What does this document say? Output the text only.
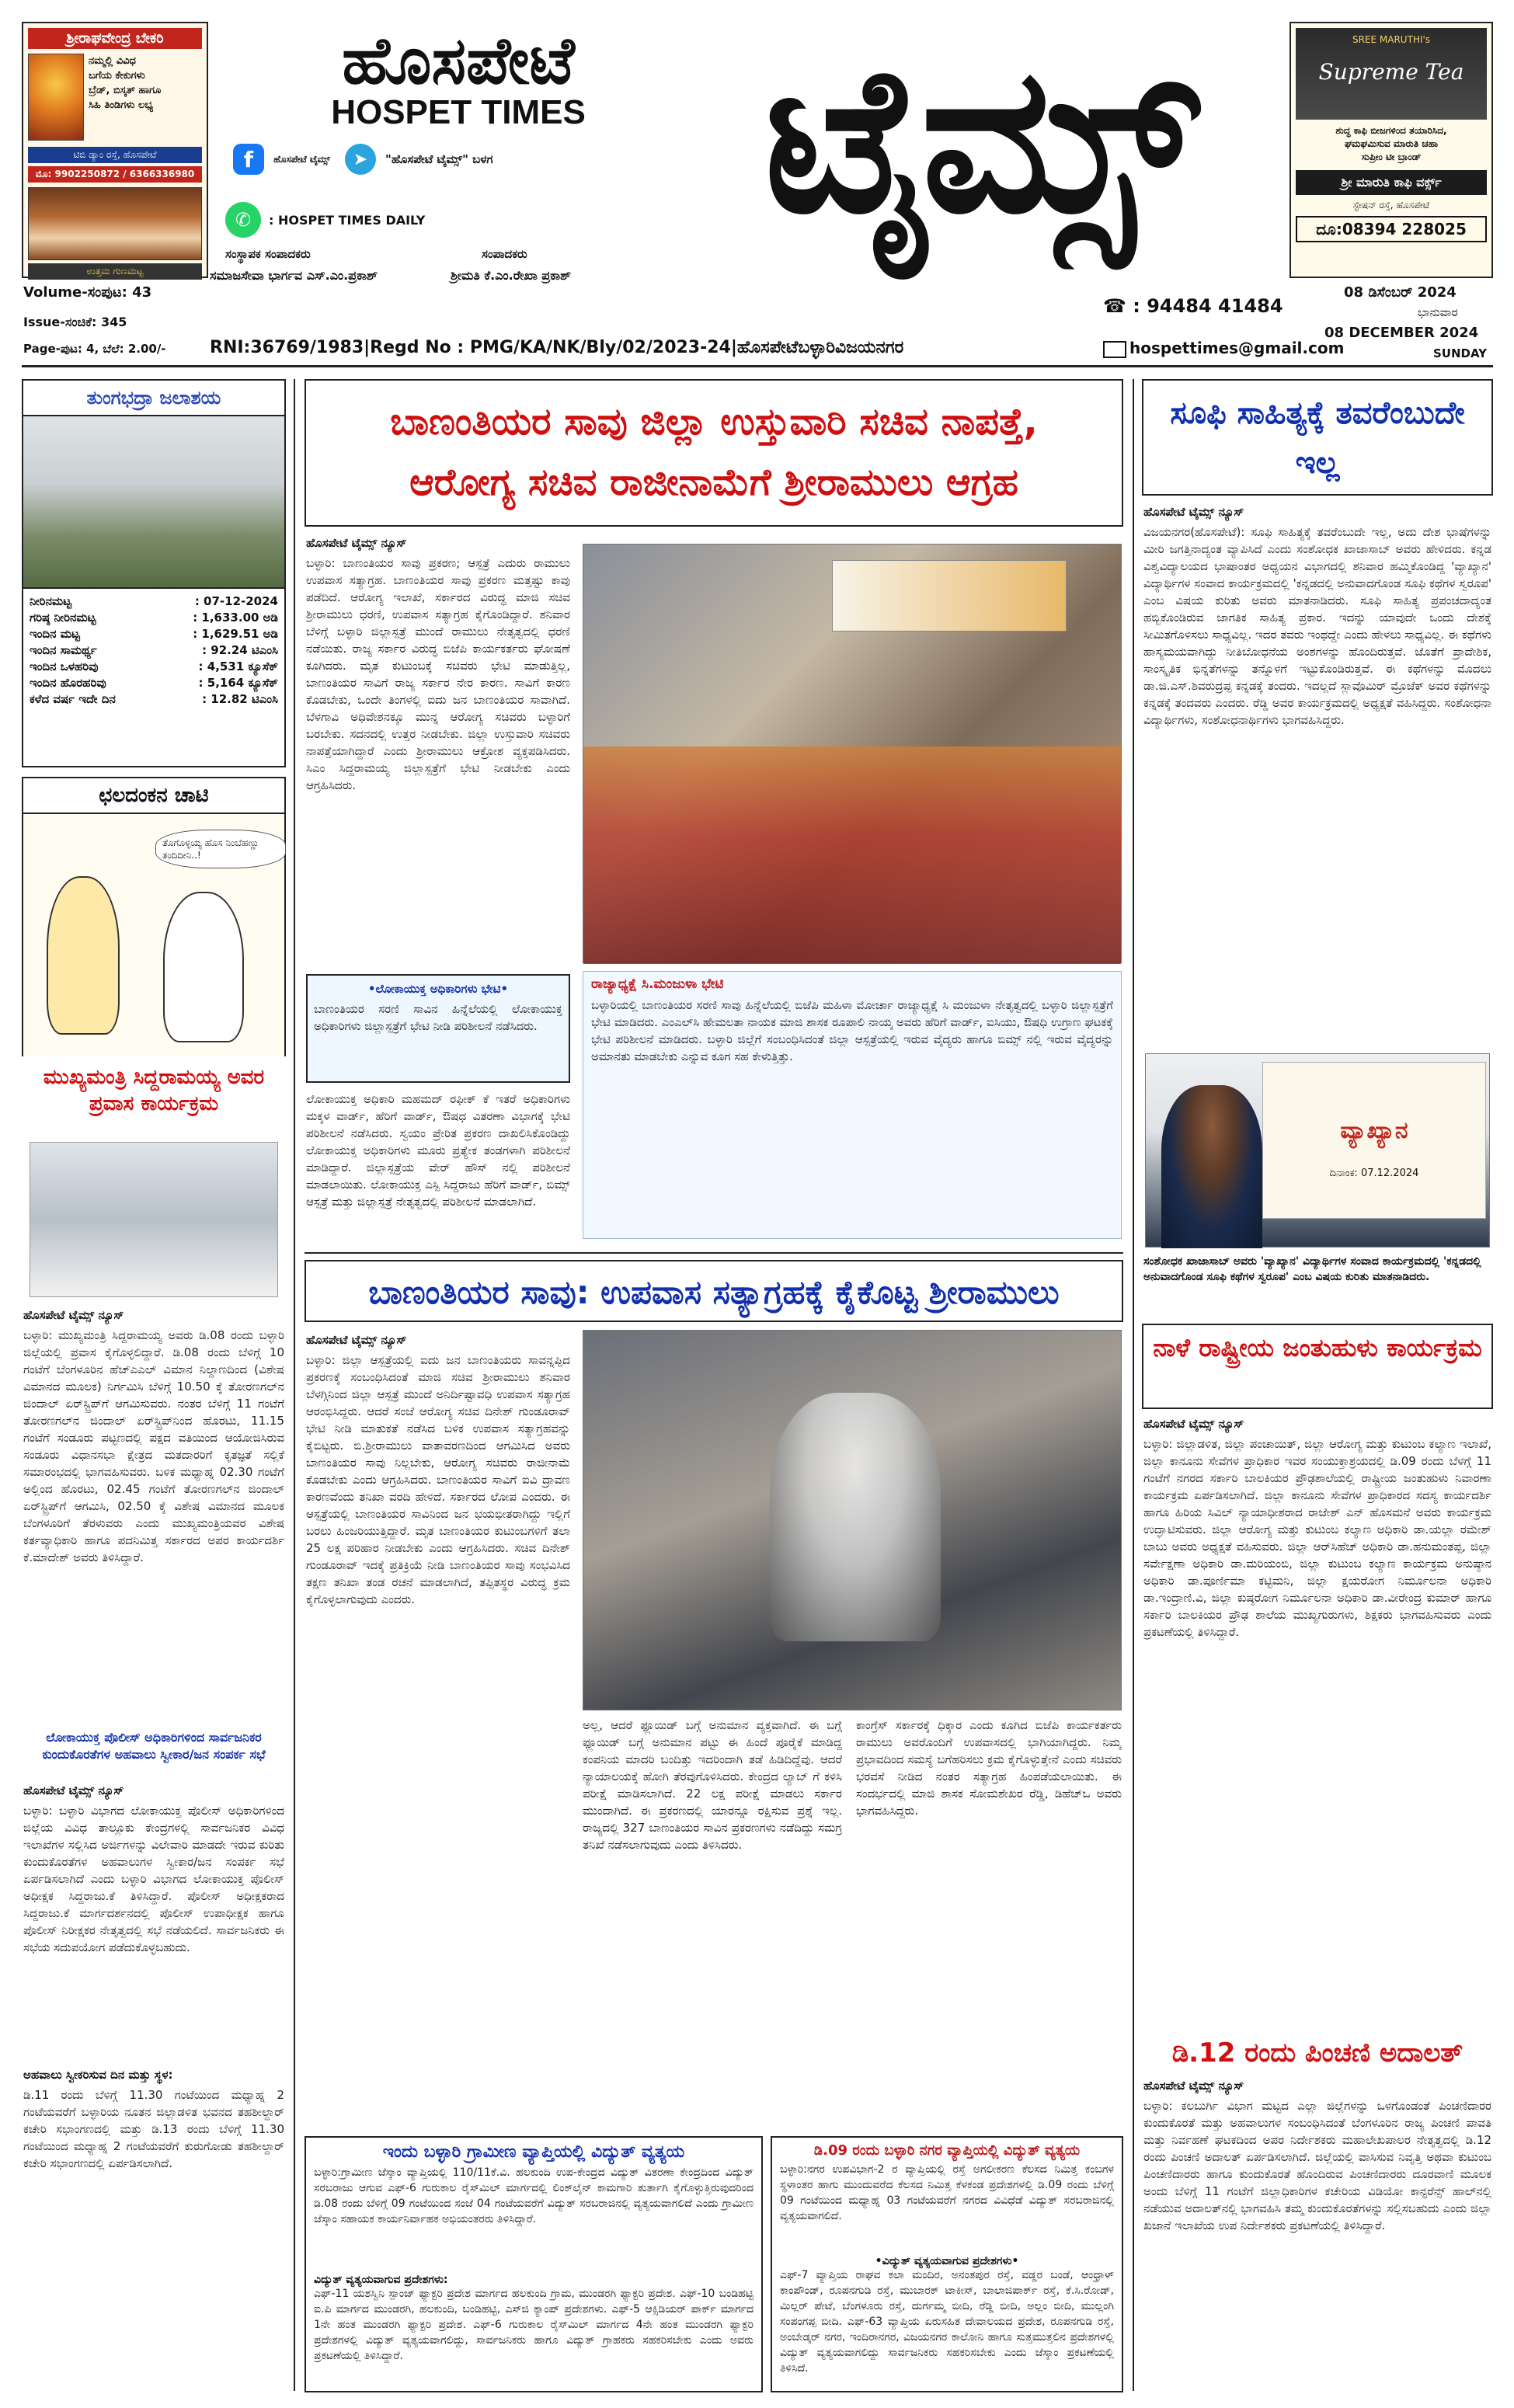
ಶ್ರೀರಾಘವೇಂದ್ರ ಬೇಕರಿ
ನಮ್ಮಲ್ಲಿ ವಿವಿಧ
ಬಗೆಯ ಕೇಕುಗಳು
ಬ್ರೆಡ್, ಬಿಸ್ಕತ್ ಹಾಗೂ
ಸಿಹಿ ತಿಂಡಿಗಳು ಲಭ್ಯ
ಟಿಬಿ ಡ್ಯಾಂ ರಸ್ತೆ, ಹೊಸಪೇಟೆ
ಮೊ: 9902250872 / 6366336980
ಉತ್ತಮ ಗುಣಮಟ್ಟ
ಹೊಸಪೇಟೆ
HOSPET TIMES
f	ಹೊಸಪೇಟೆ ಟೈಮ್ಸ್	➤	"ಹೊಸಪೇಟೆ ಟೈಮ್ಸ್" ಬಳಗ
✆	: HOSPET TIMES DAILY	ಟೈಮ್ಸ್	SREE MARUTHI's
Supreme Tea
ಶುದ್ಧ ಕಾಫಿ ಬೀಜಗಳಿಂದ ತಯಾರಿಸಿದ,
ಘಮಘಮಿಸುವ ಮಾರುತಿ ಚಹಾ
ಸುಪ್ರೀಂ ಟೀ ಬ್ರಾಂಡ್
ಶ್ರೀ ಮಾರುತಿ ಕಾಫಿ ವರ್ಕ್ಸ್
ಸ್ಟೇಷನ್ ರಸ್ತೆ, ಹೊಸಪೇಟೆ
ದೂ:08394 228025
ಸಂಸ್ಥಾಪಕ ಸಂಪಾದಕರು	ಸಂಪಾದಕರು
ಸಮಾಜಸೇವಾ ಭಾರ್ಗವ ಎಸ್.ಎಂ.ಪ್ರಕಾಶ್	ಶ್ರೀಮತಿ ಕೆ.ಎಂ.ರೇಖಾ ಪ್ರಕಾಶ್
Volume-ಸಂಪುಟ: 43
Issue-ಸಂಚಿಕೆ: 345
Page-ಪುಟ: 4, ಬೆಲೆ: 2.00/-
☎ : 94484 41484
08 ಡಿಸೆಂಬರ್ 2024
ಭಾನುವಾರ
08 DECEMBER 2024
SUNDAY
RNI:36769/1983|Regd No : PMG/KA/NK/Bly/02/2023-24|ಹೊಸಪೇಟೆಬಳ್ಳಾರಿವಿಜಯನಗರ	hospettimes@gmail.com
ತುಂಗಭದ್ರಾ ಜಲಾಶಯ
ನೀರಿನಮಟ್ಟ	: 07-12-2024
ಗರಿಷ್ಠ ನೀರಿನಮಟ್ಟ	: 1,633.00 ಅಡಿ
ಇಂದಿನ ಮಟ್ಟ	: 1,629.51 ಅಡಿ
ಇಂದಿನ ಸಾಮರ್ಥ್ಯ	: 92.24 ಟಿಎಂಸಿ
ಇಂದಿನ ಒಳಹರಿವು	: 4,531 ಕ್ಯೂಸೆಕ್
ಇಂದಿನ ಹೊರಹರಿವು	: 5,164 ಕ್ಯೂಸೆಕ್
ಕಳೆದ ವರ್ಷ ಇದೇ ದಿನ	: 12.82 ಟಿಎಂಸಿ
ಛಲದಂಕನ ಚಾಟಿ
ತೊಗೊಳ್ಳಯ್ಯ ಹೊಸ ನಿಂಬೆಹಣ್ಣು ತಂದಿದೀನಿ..!
ಮುಖ್ಯಮಂತ್ರಿ ಸಿದ್ದರಾಮಯ್ಯ ಅವರ ಪ್ರವಾಸ ಕಾರ್ಯಕ್ರಮ
ಹೊಸಪೇಟೆ ಟೈಮ್ಸ್ ನ್ಯೂಸ್
ಬಳ್ಳಾರಿ: ಮುಖ್ಯಮಂತ್ರಿ ಸಿದ್ದರಾಮಯ್ಯ ಅವರು ಡಿ.08 ರಂದು ಬಳ್ಳಾರಿ ಜಿಲ್ಲೆಯಲ್ಲಿ ಪ್ರವಾಸ ಕೈಗೊಳ್ಳಲಿದ್ದಾರೆ. ಡಿ.08 ರಂದು ಬೆಳಿಗ್ಗೆ 10 ಗಂಟೆಗೆ ಬೆಂಗಳೂರಿನ ಹೆಚ್‌ಎಎಲ್ ವಿಮಾನ ನಿಲ್ದಾಣದಿಂದ (ವಿಶೇಷ ವಿಮಾನದ ಮೂಲಕ) ನಿರ್ಗಮಿಸಿ ಬೆಳಿಗ್ಗೆ 10.50 ಕ್ಕೆ ತೋರಣಗಲ್‌ನ ಜಿಂದಾಲ್ ಏರ್‌ಸ್ಟ್ರಿಪ್‌ಗೆ ಆಗಮಿಸುವರು. ನಂತರ ಬೆಳಿಗ್ಗೆ 11 ಗಂಟೆಗೆ ತೋರಣಗಲ್‌ನ ಜಿಂದಾಲ್ ಏರ್‌ಸ್ಟ್ರಿಪ್‌ನಿಂದ ಹೊರಟು, 11.15 ಗಂಟೆಗೆ ಸಂಡೂರು ಪಟ್ಟಣದಲ್ಲಿ ಪಕ್ಷದ ವತಿಯಿಂದ ಆಯೋಜಿಸಿರುವ ಸಂಡೂರು ವಿಧಾನಸಭಾ ಕ್ಷೇತ್ರದ ಮತದಾರರಿಗೆ ಕೃತಜ್ಞತೆ ಸಲ್ಲಿಕೆ ಸಮಾರಂಭದಲ್ಲಿ ಭಾಗವಹಿಸುವರು. ಬಳಿಕ ಮಧ್ಯಾಹ್ನ 02.30 ಗಂಟೆಗೆ ಅಲ್ಲಿಂದ ಹೊರಟು, 02.45 ಗಂಟೆಗೆ ತೋರಣಗಲ್‌ನ ಜಿಂದಾಲ್ ಏರ್‌ಸ್ಟ್ರಿಪ್‌ಗೆ ಆಗಮಿಸಿ, 02.50 ಕ್ಕೆ ವಿಶೇಷ ವಿಮಾನದ ಮೂಲಕ ಬೆಂಗಳೂರಿಗೆ ತೆರಳುವರು ಎಂದು ಮುಖ್ಯಮಂತ್ರಿಯವರ ವಿಶೇಷ ಕರ್ತವ್ಯಾಧಿಕಾರಿ ಹಾಗೂ ಪದನಿಮಿತ್ತ ಸರ್ಕಾರದ ಅಪರ ಕಾರ್ಯದರ್ಶಿ ಕೆ.ಮಾದೇಶ್ ಅವರು ತಿಳಿಸಿದ್ದಾರೆ.
ಲೋಕಾಯುಕ್ತ ಪೊಲೀಸ್ ಅಧಿಕಾರಿಗಳಿಂದ ಸಾರ್ವಜನಿಕರ ಕುಂದುಕೊರತೆಗಳ ಅಹವಾಲು ಸ್ವೀಕಾರ/ಜನ ಸಂಪರ್ಕ ಸಭೆ
ಹೊಸಪೇಟೆ ಟೈಮ್ಸ್ ನ್ಯೂಸ್
ಬಳ್ಳಾರಿ: ಬಳ್ಳಾರಿ ವಿಭಾಗದ ಲೋಕಾಯುಕ್ತ ಪೊಲೀಸ್ ಅಧಿಕಾರಿಗಳಿಂದ ಜಿಲ್ಲೆಯ ವಿವಿಧ ತಾಲ್ಲೂಕು ಕೇಂದ್ರಗಳಲ್ಲಿ ಸಾರ್ವಜನಿಕರ ವಿವಿಧ ಇಲಾಖೆಗಳ ಸಲ್ಲಿಸಿದ ಅರ್ಜಿಗಳನ್ನು ವಿಲೇವಾರಿ ಮಾಡದೇ ಇರುವ ಕುರಿತು ಕುಂದುಕೊರತೆಗಳ ಅಹವಾಲುಗಳ ಸ್ವೀಕಾರ/ಜನ ಸಂಪರ್ಕ ಸಭೆ ಏರ್ಪಡಿಸಲಾಗಿದೆ ಎಂದು ಬಳ್ಳಾರಿ ವಿಭಾಗದ ಲೋಕಾಯುಕ್ತ ಪೊಲೀಸ್ ಅಧೀಕ್ಷಕ ಸಿದ್ದರಾಜು.ಕೆ ತಿಳಿಸಿದ್ದಾರೆ. ಪೊಲೀಸ್ ಅಧೀಕ್ಷಕರಾದ ಸಿದ್ದರಾಜು.ಕೆ ಮಾರ್ಗದರ್ಶನದಲ್ಲಿ ಪೊಲೀಸ್ ಉಪಾಧೀಕ್ಷಕ ಹಾಗೂ ಪೊಲೀಸ್ ನಿರೀಕ್ಷಕರ ನೇತೃತ್ವದಲ್ಲಿ ಸಭೆ ನಡೆಯಲಿದೆ. ಸಾರ್ವಜನಿಕರು ಈ ಸಭೆಯ ಸದುಪಯೋಗ ಪಡೆದುಕೊಳ್ಳಬಹುದು.
ಅಹವಾಲು ಸ್ವೀಕರಿಸುವ ದಿನ ಮತ್ತು ಸ್ಥಳ:
ಡಿ.11 ರಂದು ಬೆಳಿಗ್ಗೆ 11.30 ಗಂಟೆಯಿಂದ ಮಧ್ಯಾಹ್ನ 2 ಗಂಟೆಯವರೆಗೆ ಬಳ್ಳಾರಿಯ ನೂತನ ಜಿಲ್ಲಾಡಳಿತ ಭವನದ ತಹಶೀಲ್ದಾರ್ ಕಚೇರಿ ಸಭಾಂಗಣದಲ್ಲಿ ಮತ್ತು ಡಿ.13 ರಂದು ಬೆಳಿಗ್ಗೆ 11.30 ಗಂಟೆಯಿಂದ ಮಧ್ಯಾಹ್ನ 2 ಗಂಟೆಯವರೆಗೆ ಕುರುಗೋಡು ತಹಶೀಲ್ದಾರ್ ಕಚೇರಿ ಸಭಾಂಗಣದಲ್ಲಿ ಏರ್ಪಡಿಸಲಾಗಿದೆ.
ಬಾಣಂತಿಯರ ಸಾವು ಜಿಲ್ಲಾ ಉಸ್ತುವಾರಿ ಸಚಿವ ನಾಪತ್ತೆ,
ಆರೋಗ್ಯ ಸಚಿವ ರಾಜೀನಾಮೆಗೆ ಶ್ರೀರಾಮುಲು ಆಗ್ರಹ
ಹೊಸಪೇಟೆ ಟೈಮ್ಸ್ ನ್ಯೂಸ್
ಬಳ್ಳಾರಿ: ಬಾಣಂತಿಯರ ಸಾವು ಪ್ರಕರಣ; ಆಸ್ಪತ್ರೆ ಎದುರು ರಾಮುಲು ಉಪವಾಸ ಸತ್ಯಾಗ್ರಹ. ಬಾಣಂತಿಯರ ಸಾವು ಪ್ರಕರಣ ಮತ್ತಷ್ಟು ಕಾವು ಪಡೆದಿದೆ. ಆರೋಗ್ಯ ಇಲಾಖೆ, ಸರ್ಕಾರದ ವಿರುದ್ಧ ಮಾಜಿ ಸಚಿವ ಶ್ರೀರಾಮುಲು ಧರಣಿ, ಉಪವಾಸ ಸತ್ಯಾಗ್ರಹ ಕೈಗೊಂಡಿದ್ದಾರೆ. ಶನಿವಾರ ಬೆಳಿಗ್ಗೆ ಬಳ್ಳಾರಿ ಜಿಲ್ಲಾಸ್ಪತ್ರೆ ಮುಂದೆ ರಾಮುಲು ನೇತೃತ್ವದಲ್ಲಿ ಧರಣಿ ನಡೆಯಿತು. ರಾಜ್ಯ ಸರ್ಕಾರ ವಿರುದ್ಧ ಬಿಜೆಪಿ ಕಾರ್ಯಕರ್ತರು ಘೋಷಣೆ ಕೂಗಿದರು. ಮೃತ ಕುಟುಂಬಕ್ಕೆ ಸಚಿವರು ಭೇಟಿ ಮಾಡುತ್ತಿಲ್ಲ, ಬಾಣಂತಿಯರ ಸಾವಿಗೆ ರಾಜ್ಯ ಸರ್ಕಾರ ನೇರ ಕಾರಣ. ಸಾವಿಗೆ ಕಾರಣ ಕೊಡಬೇಕು, ಒಂದೇ ತಿಂಗಳಲ್ಲಿ ಐದು ಜನ ಬಾಣಂತಿಯರ ಸಾವಾಗಿದೆ. ಬೆಳಗಾವಿ ಅಧಿವೇಶನಕ್ಕೂ ಮುನ್ನ ಆರೋಗ್ಯ ಸಚಿವರು ಬಳ್ಳಾರಿಗೆ ಬರಬೇಕು. ಸದನದಲ್ಲಿ ಉತ್ತರ ನೀಡಬೇಕು. ಜಿಲ್ಲಾ ಉಸ್ತುವಾರಿ ಸಚಿವರು ನಾಪತ್ತೆಯಾಗಿದ್ದಾರೆ ಎಂದು ಶ್ರೀರಾಮುಲು ಆಕ್ರೋಶ ವ್ಯಕ್ತಪಡಿಸಿದರು. ಸಿಎಂ ಸಿದ್ದರಾಮಯ್ಯ ಜಿಲ್ಲಾಸ್ಪತ್ರೆಗೆ ಭೇಟಿ ನೀಡಬೇಕು ಎಂದು ಆಗ್ರಹಿಸಿದರು.
•ಲೋಕಾಯುಕ್ತ ಅಧಿಕಾರಿಗಳು ಭೇಟಿ•
ಬಾಣಂತಿಯರ ಸರಣಿ ಸಾವಿನ ಹಿನ್ನೆಲೆಯಲ್ಲಿ ಲೋಕಾಯುಕ್ತ ಅಧಿಕಾರಿಗಳು ಜಿಲ್ಲಾಸ್ಪತ್ರೆಗೆ ಭೇಟಿ ನೀಡಿ ಪರಿಶೀಲನೆ ನಡೆಸಿದರು.
ಲೋಕಾಯುಕ್ತ ಅಧಿಕಾರಿ ಮಹಮದ್ ರಫೀಕ್ ಕೆ ಇತರೆ ಅಧಿಕಾರಿಗಳು ಮಕ್ಕಳ ವಾರ್ಡ್, ಹೆರಿಗೆ ವಾರ್ಡ್, ಔಷಧ ವಿತರಣಾ ವಿಭಾಗಕ್ಕೆ ಭೇಟಿ ಪರಿಶೀಲನೆ ನಡೆಸಿದರು. ಸ್ವಯಂ ಪ್ರೇರಿತ ಪ್ರಕರಣ ದಾಖಲಿಸಿಕೊಂಡಿದ್ದು ಲೋಕಾಯುಕ್ತ ಅಧಿಕಾರಿಗಳು ಮೂರು ಪ್ರತ್ಯೇಕ ತಂಡಗಳಾಗಿ ಪರಿಶೀಲನೆ ಮಾಡಿದ್ದಾರೆ. ಜಿಲ್ಲಾಸ್ಪತ್ರೆಯ ವೇರ್ ಹೌಸ್ ನಲ್ಲಿ ಪರಿಶೀಲನೆ ಮಾಡಲಾಯಿತು. ಲೋಕಾಯುಕ್ತ ಎಸ್ಪಿ ಸಿದ್ದರಾಜು ಹೆರಿಗೆ ವಾರ್ಡ್, ಬಿಮ್ಸ್ ಆಸ್ಪತ್ರೆ ಮತ್ತು ಜಿಲ್ಲಾಸ್ಪತ್ರೆ ನೇತೃತ್ವದಲ್ಲಿ ಪರಿಶೀಲನೆ ಮಾಡಲಾಗಿದೆ.
ರಾಜ್ಯಾಧ್ಯಕ್ಷೆ ಸಿ.ಮಂಜುಳಾ ಭೇಟಿ
ಬಳ್ಳಾರಿಯಲ್ಲಿ ಬಾಣಂತಿಯರ ಸರಣಿ ಸಾವು ಹಿನ್ನೆಲೆಯಲ್ಲಿ ಬಿಜೆಪಿ ಮಹಿಳಾ ಮೋರ್ಚಾ ರಾಜ್ಯಾಧ್ಯಕ್ಷೆ ಸಿ ಮಂಜುಳಾ ನೇತೃತ್ವದಲ್ಲಿ ಬಳ್ಳಾರಿ ಜಿಲ್ಲಾಸ್ಪತ್ರೆಗೆ ಭೇಟಿ ಮಾಡಿದರು. ಎಂಎಲ್‌ಸಿ ಹೇಮಲತಾ ನಾಯಕ ಮಾಜಿ ಶಾಸಕ ರೂಪಾಲಿ ನಾಯ್ಕ ಅವರು ಹೆರಿಗೆ ವಾರ್ಡ್, ಐಸಿಯು, ಔಷಧಿ ಉಗ್ರಾಣ ಘಟಕಕ್ಕೆ ಭೇಟಿ ಪರಿಶೀಲನೆ ಮಾಡಿದರು. ಬಳ್ಳಾರಿ ಜಿಲ್ಲೆಗೆ ಸಂಬಂಧಿಸಿದಂತೆ ಜಿಲ್ಲಾ ಆಸ್ಪತ್ರೆಯಲ್ಲಿ ಇರುವ ವೈದ್ಯರು ಹಾಗೂ ಬಿಮ್ಸ್ ನಲ್ಲಿ ಇರುವ ವೈದ್ಯರನ್ನು ಅಮಾನತು ಮಾಡಬೇಕು ಎನ್ನುವ ಕೂಗ ಸಹ ಕೇಳುತ್ತಿತ್ತು.
ಬಾಣಂತಿಯರ ಸಾವು: ಉಪವಾಸ ಸತ್ಯಾಗ್ರಹಕ್ಕೆ ಕೈಕೊಟ್ಟ ಶ್ರೀರಾಮುಲು
ಹೊಸಪೇಟೆ ಟೈಮ್ಸ್ ನ್ಯೂಸ್
ಬಳ್ಳಾರಿ: ಜಿಲ್ಲಾ ಆಸ್ಪತ್ರೆಯಲ್ಲಿ ಐದು ಜನ ಬಾಣಂತಿಯರು ಸಾವನ್ನಪ್ಪಿದ ಪ್ರಕರಣಕ್ಕೆ ಸಂಬಂಧಿಸಿದಂತೆ ಮಾಜಿ ಸಚಿವ ಶ್ರೀರಾಮುಲು ಶನಿವಾರ ಬೆಳಗ್ಗಿನಿಂದ ಜಿಲ್ಲಾ ಆಸ್ಪತ್ರೆ ಮುಂದೆ ಅನಿರ್ದಿಷ್ಟಾವಧಿ ಉಪವಾಸ ಸತ್ಯಾಗ್ರಹ ಆರಂಭಿಸಿದ್ದರು. ಆದರೆ ಸಂಜೆ ಆರೋಗ್ಯ ಸಚಿವ ದಿನೇಶ್ ಗುಂಡೂರಾವ್ ಭೇಟಿ ನೀಡಿ ಮಾತುಕತೆ ನಡೆಸಿದ ಬಳಿಕ ಉಪವಾಸ ಸತ್ಯಾಗ್ರಹವನ್ನು ಕೈಬಿಟ್ಟರು. ಬಿ.ಶ್ರೀರಾಮುಲು ವಾತಾವರಣದಿಂದ ಆಗಮಿಸಿದ ಅವರು ಬಾಣಂತಿಯರ ಸಾವು ನಿಲ್ಲಬೇಕು, ಆರೋಗ್ಯ ಸಚಿವರು ರಾಜೀನಾಮೆ ಕೊಡಬೇಕು ಎಂದು ಆಗ್ರಹಿಸಿದರು. ಬಾಣಂತಿಯರ ಸಾವಿಗೆ ಐವಿ ದ್ರಾವಣ ಕಾರಣವೆಂದು ತನಿಖಾ ವರದಿ ಹೇಳಿದೆ. ಸರ್ಕಾರದ ಲೋಪ ಎಂದರು. ಈ ಆಸ್ಪತ್ರೆಯಲ್ಲಿ ಬಾಣಂತಿಯರ ಸಾವಿನಿಂದ ಜನ ಭಯಭೀತರಾಗಿದ್ದು ಇಲ್ಲಿಗೆ ಬರಲು ಹಿಂಜರಿಯುತ್ತಿದ್ದಾರೆ. ಮೃತ ಬಾಣಂತಿಯರ ಕುಟುಂಬಗಳಿಗೆ ತಲಾ 25 ಲಕ್ಷ ಪರಿಹಾರ ನೀಡಬೇಕು ಎಂದು ಆಗ್ರಹಿಸಿದರು. ಸಚಿವ ದಿನೇಶ್ ಗುಂಡೂರಾವ್ ಇದಕ್ಕೆ ಪ್ರತಿಕ್ರಿಯೆ ನೀಡಿ ಬಾಣಂತಿಯರ ಸಾವು ಸಂಭವಿಸಿದ ತಕ್ಷಣ ತನಿಖಾ ತಂಡ ರಚನೆ ಮಾಡಲಾಗಿದೆ, ತಪ್ಪಿತಸ್ಥರ ವಿರುದ್ಧ ಕ್ರಮ ಕೈಗೊಳ್ಳಲಾಗುವುದು ಎಂದರು.
ಅಲ್ಲ, ಆದರೆ ಫ್ಲೂಯಿಡ್ ಬಗ್ಗೆ ಅನುಮಾನ ವ್ಯಕ್ತವಾಗಿದೆ. ಈ ಬಗ್ಗೆ ಫ್ಲೂಯಿಡ್ ಬಗ್ಗೆ ಅನುಮಾನ ಪಟ್ಟು ಈ ಹಿಂದೆ ಪೂರೈಕೆ ಮಾಡಿದ್ದ ಕಂಪನಿಯ ಮಾದರಿ ಬಂದಿತ್ತು ಇದರಿಂದಾಗಿ ತಡೆ ಹಿಡಿದಿದ್ದೆವು. ಆದರೆ ನ್ಯಾಯಾಲಯಕ್ಕೆ ಹೋಗಿ ತೆರವುಗೊಳಿಸಿದರು. ಕೇಂದ್ರದ ಲ್ಯಾಬ್ ಗೆ ಕಳಿಸಿ ಪರೀಕ್ಷೆ ಮಾಡಿಸಲಾಗಿದೆ. 22 ಲಕ್ಷ ಪರೀಕ್ಷೆ ಮಾಡಲು ಸರ್ಕಾರ ಮುಂದಾಗಿದೆ. ಈ ಪ್ರಕರಣದಲ್ಲಿ ಯಾರನ್ನೂ ರಕ್ಷಿಸುವ ಪ್ರಶ್ನೆ ಇಲ್ಲ. ರಾಜ್ಯದಲ್ಲಿ 327 ಬಾಣಂತಿಯರ ಸಾವಿನ ಪ್ರಕರಣಗಳು ನಡೆದಿದ್ದು ಸಮಗ್ರ ತನಿಖೆ ನಡೆಸಲಾಗುವುದು ಎಂದು ತಿಳಿಸಿದರು.
ಕಾಂಗ್ರೆಸ್ ಸರ್ಕಾರಕ್ಕೆ ಧಿಕ್ಕಾರ ಎಂದು ಕೂಗಿದ ಬಿಜೆಪಿ ಕಾರ್ಯಕರ್ತರು ರಾಮುಲು ಅವರೊಂದಿಗೆ ಉಪವಾಸದಲ್ಲಿ ಭಾಗಿಯಾಗಿದ್ದರು. ನಿಮ್ಮ ಪ್ರಭಾವದಿಂದ ಸಮಸ್ಯೆ ಬಗೆಹರಿಸಲು ಕ್ರಮ ಕೈಗೊಳ್ಳುತ್ತೇನೆ ಎಂದು ಸಚಿವರು ಭರವಸೆ ನೀಡಿದ ನಂತರ ಸತ್ಯಾಗ್ರಹ ಹಿಂಪಡೆಯಲಾಯಿತು. ಈ ಸಂದರ್ಭದಲ್ಲಿ ಮಾಜಿ ಶಾಸಕ ಸೋಮಶೇಖರ ರೆಡ್ಡಿ, ಡಿಹೆಚ್‌ಒ ಅವರು ಭಾಗವಹಿಸಿದ್ದರು.
ಇಂದು ಬಳ್ಳಾರಿ ಗ್ರಾಮೀಣ ವ್ಯಾಪ್ತಿಯಲ್ಲಿ ವಿದ್ಯುತ್ ವ್ಯತ್ಯಯ
ಬಳ್ಳಾರಿ:ಗ್ರಾಮೀಣ ಜೆಸ್ಕಾಂ ವ್ಯಾಪ್ತಿಯಲ್ಲಿ 110/11ಕೆ.ವಿ. ಹಲಕುಂದಿ ಉಪ-ಕೇಂದ್ರದ ವಿದ್ಯುತ್ ವಿತರಣಾ ಕೇಂದ್ರದಿಂದ ವಿದ್ಯುತ್ ಸರಬರಾಜು ಆಗುವ ಎಫ್-6 ಗುರುಕಾಲ ರೈಸ್‌ಮಿಲ್ ಮಾರ್ಗದಲ್ಲಿ ಲಿಂಕ್‌ಲೈನ್ ಕಾಮಗಾರಿ ತುರ್ತಾಗಿ ಕೈಗೊಳ್ಳುತ್ತಿರುವುದರಿಂದ ಡಿ.08 ರಂದು ಬೆಳಿಗ್ಗೆ 09 ಗಂಟೆಯಿಂದ ಸಂಜೆ 04 ಗಂಟೆಯವರೆಗೆ ವಿದ್ಯುತ್ ಸರಬರಾಜಿನಲ್ಲಿ ವ್ಯತ್ಯಯವಾಗಲಿದೆ ಎಂದು ಗ್ರಾಮೀಣ ಜೆಸ್ಕಾಂ ಸಹಾಯಕ ಕಾರ್ಯನಿರ್ವಾಹಕ ಅಭಿಯಂತರರು ತಿಳಿಸಿದ್ದಾರೆ.
ವಿದ್ಯುತ್ ವ್ಯತ್ಯಯವಾಗುವ ಪ್ರದೇಶಗಳು:
ಎಫ್-11 ಯಶಸ್ವಿನಿ ಸ್ಪಾಂಜ್ ಫ್ಯಾಕ್ಟರಿ ಪ್ರದೇಶ ಮಾರ್ಗದ ಹಲಕುಂದಿ ಗ್ರಾಮ, ಮುಂಡರಗಿ ಫ್ಯಾಕ್ಟರಿ ಪ್ರದೇಶ. ಎಫ್-10 ಬಂಡಿಹಟ್ಟಿ ಐ.ಪಿ ಮಾರ್ಗದ ಮುಂಡರಗಿ, ಹಲಕುಂದಿ, ಬಂಡಿಹಟ್ಟಿ, ಎಸ್‌ಜಿ ಕ್ಯಾಂಪ್ ಪ್ರದೇಶಗಳು. ಎಫ್-5 ಆಕ್ಸಿಡಿಯರ್ ಪಾರ್ಕ್ ಮಾರ್ಗದ 1ನೇ ಹಂತ ಮುಂಡರಗಿ ಫ್ಯಾಕ್ಟರಿ ಪ್ರದೇಶ. ಎಫ್-6 ಗುರುಕಾಲ ರೈಸ್‌ಮಿಲ್ ಮಾರ್ಗದ 4ನೇ ಹಂತ ಮುಂಡರಗಿ ಫ್ಯಾಕ್ಟರಿ ಪ್ರದೇಶಗಳಲ್ಲಿ ವಿದ್ಯುತ್ ವ್ಯತ್ಯಯವಾಗಲಿದ್ದು, ಸಾರ್ವಜನಿಕರು ಹಾಗೂ ವಿದ್ಯುತ್ ಗ್ರಾಹಕರು ಸಹಕರಿಸಬೇಕು ಎಂದು ಅವರು ಪ್ರಕಟಣೆಯಲ್ಲಿ ತಿಳಿಸಿದ್ದಾರೆ.
ಡಿ.09 ರಂದು ಬಳ್ಳಾರಿ ನಗರ ವ್ಯಾಪ್ತಿಯಲ್ಲಿ ವಿದ್ಯುತ್ ವ್ಯತ್ಯಯ
ಬಳ್ಳಾರಿ:ನಗರ ಉಪವಿಭಾಗ-2 ರ ವ್ಯಾಪ್ತಿಯಲ್ಲಿ ರಸ್ತೆ ಅಗಲೀಕರಣ ಕೆಲಸದ ನಿಮಿತ್ತ ಕಂಬಗಳ ಸ್ಥಳಾಂತರ ಹಾಗು ಮುಂದುವರೆದ ಕೆಲಸದ ನಿಮಿತ್ತ ಕೆಳಕಂಡ ಪ್ರದೇಶಗಳಲ್ಲಿ ಡಿ.09 ರಂದು ಬೆಳಿಗ್ಗೆ 09 ಗಂಟೆಯಿಂದ ಮಧ್ಯಾಹ್ನ 03 ಗಂಟೆಯವರೆಗೆ ನಗರದ ವಿವಿಧೆಡೆ ವಿದ್ಯುತ್ ಸರಬರಾಜಿನಲ್ಲಿ ವ್ಯತ್ಯಯವಾಗಲಿದೆ.
•ವಿದ್ಯುತ್ ವ್ಯತ್ಯಯವಾಗುವ ಪ್ರದೇಶಗಳು•
ಎಫ್-7 ವ್ಯಾಪ್ತಿಯ ರಾಘವ ಕಲಾ ಮಂದಿರ, ಅನಂತಪುರ ರಸ್ತೆ, ವಡ್ಡರ ಬಂಡೆ, ಆಂಧ್ರಾಳ್ ಕಾಂಪೌಂಡ್, ರೂಪನಗುಡಿ ರಸ್ತೆ, ಮುಬಾರಕ್ ಟಾಕೀಸ್, ಬಾಲಾಜಿಪಾರ್ಕ್ ರಸ್ತೆ, ಕೆ.ಸಿ.ರೋಡ್, ಮಿಲ್ಲರ್ ಪೇಟೆ, ಬೆಂಗಳೂರು ರಸ್ತೆ, ದುರ್ಗಮ್ಮ ಬೀದಿ, ರೆಡ್ಡಿ ಬೀದಿ, ಅಲ್ಲಂ ಬೀದಿ, ಮುಲ್ಲಂಗಿ ಸಂಪಂಗಪ್ಪ ಬೀದಿ. ಎಫ್-63 ವ್ಯಾಪ್ತಿಯ ಏರುಸಹಿತ ದೇವಾಲಯದ ಪ್ರದೇಶ, ರೂಪನಗುಡಿ ರಸ್ತೆ, ಅಂಬೇಡ್ಕರ್ ನಗರ, ಇಂದಿರಾನಗರ, ವಿಜಯನಗರ ಕಾಲೋನಿ ಹಾಗೂ ಸುತ್ತಮುತ್ತಲಿನ ಪ್ರದೇಶಗಳಲ್ಲಿ ವಿದ್ಯುತ್ ವ್ಯತ್ಯಯವಾಗಲಿದ್ದು ಸಾರ್ವಜನಿಕರು ಸಹಕರಿಸಬೇಕು ಎಂದು ಜೆಸ್ಕಾಂ ಪ್ರಕಟಣೆಯಲ್ಲಿ ತಿಳಿಸಿದೆ.
ಸೂಫಿ ಸಾಹಿತ್ಯಕ್ಕೆ ತವರೆಂಬುದೇ ಇಲ್ಲ
ಹೊಸಪೇಟೆ ಟೈಮ್ಸ್ ನ್ಯೂಸ್
ವಿಜಯನಗರ(ಹೊಸಪೇಟೆ): ಸೂಫಿ ಸಾಹಿತ್ಯಕ್ಕೆ ತವರೆಂಬುದೇ ಇಲ್ಲ, ಅದು ದೇಶ ಭಾಷೆಗಳನ್ನು ಮೀರಿ ಜಗತ್ತಿನಾದ್ಯಂತ ವ್ಯಾಪಿಸಿದೆ ಎಂದು ಸಂಶೋಧಕ ಖಾಜಾಸಾಬ್ ಅವರು ಹೇಳಿದರು. ಕನ್ನಡ ವಿಶ್ವವಿದ್ಯಾಲಯದ ಭಾಷಾಂತರ ಅಧ್ಯಯನ ವಿಭಾಗದಲ್ಲಿ ಶನಿವಾರ ಹಮ್ಮಿಕೊಂಡಿದ್ದ 'ವ್ಯಾಖ್ಯಾನ' ವಿದ್ಯಾರ್ಥಿಗಳ ಸಂವಾದ ಕಾರ್ಯಕ್ರಮದಲ್ಲಿ 'ಕನ್ನಡದಲ್ಲಿ ಅನುವಾದಗೊಂಡ ಸೂಫಿ ಕಥೆಗಳ ಸ್ವರೂಪ' ಎಂಬ ವಿಷಯ ಕುರಿತು ಅವರು ಮಾತನಾಡಿದರು. ಸೂಫಿ ಸಾಹಿತ್ಯ ಪ್ರಪಂಚದಾದ್ಯಂತ ಹಬ್ಬಿಕೊಂಡಿರುವ ಜಾಗತಿಕ ಸಾಹಿತ್ಯ ಪ್ರಕಾರ. ಇದನ್ನು ಯಾವುದೇ ಒಂದು ದೇಶಕ್ಕೆ ಸೀಮಿತಗೊಳಿಸಲು ಸಾಧ್ಯವಿಲ್ಲ. ಇದರ ತವರು ಇಂಥದ್ದೇ ಎಂದು ಹೇಳಲು ಸಾಧ್ಯವಿಲ್ಲ. ಈ ಕಥೆಗಳು ಹಾಸ್ಯಮಯವಾಗಿದ್ದು ನೀತಿಬೋಧನೆಯ ಅಂಶಗಳನ್ನು ಹೊಂದಿರುತ್ತವೆ. ಜೊತೆಗೆ ಪ್ರಾದೇಶಿಕ, ಸಾಂಸ್ಕೃತಿಕ ಭಿನ್ನತೆಗಳನ್ನು ತನ್ನೊಳಗೆ ಇಟ್ಟುಕೊಂಡಿರುತ್ತವೆ. ಈ ಕಥೆಗಳನ್ನು ಮೊದಲು ಡಾ.ಜಿ.ಎಸ್.ಶಿವರುದ್ರಪ್ಪ ಕನ್ನಡಕ್ಕೆ ತಂದರು. ಇದಲ್ಲದೆ ಸ್ಲಾವೊಮಿರ್ ಮ್ರೊಜೆಕ್ ಅವರ ಕಥೆಗಳನ್ನು ಕನ್ನಡಕ್ಕೆ ತಂದವರು ಎಂದರು. ರೆಡ್ಡಿ ಅವರ ಕಾರ್ಯಕ್ರಮದಲ್ಲಿ ಅಧ್ಯಕ್ಷತೆ ವಹಿಸಿದ್ದರು. ಸಂಶೋಧನಾ ವಿದ್ಯಾರ್ಥಿಗಳು, ಸಂಶೋಧನಾರ್ಥಿಗಳು ಭಾಗವಹಿಸಿದ್ದರು.
ವ್ಯಾಖ್ಯಾನ
ದಿನಾಂಕ: 07.12.2024
ಸಂಶೋಧಕ ಖಾಜಾಸಾಬ್ ಅವರು 'ವ್ಯಾಖ್ಯಾನ' ವಿದ್ಯಾರ್ಥಿಗಳ ಸಂವಾದ ಕಾರ್ಯಕ್ರಮದಲ್ಲಿ 'ಕನ್ನಡದಲ್ಲಿ ಅನುವಾದಗೊಂಡ ಸೂಫಿ ಕಥೆಗಳ ಸ್ವರೂಪ' ಎಂಬ ವಿಷಯ ಕುರಿತು ಮಾತನಾಡಿದರು.
ನಾಳೆ ರಾಷ್ಟ್ರೀಯ ಜಂತುಹುಳು ಕಾರ್ಯಕ್ರಮ
ಹೊಸಪೇಟೆ ಟೈಮ್ಸ್ ನ್ಯೂಸ್
ಬಳ್ಳಾರಿ: ಜಿಲ್ಲಾಡಳಿತ, ಜಿಲ್ಲಾ ಪಂಚಾಯಿತ್, ಜಿಲ್ಲಾ ಆರೋಗ್ಯ ಮತ್ತು ಕುಟುಂಬ ಕಲ್ಯಾಣ ಇಲಾಖೆ, ಜಿಲ್ಲಾ ಕಾನೂನು ಸೇವೆಗಳ ಪ್ರಾಧಿಕಾರ ಇವರ ಸಂಯುಕ್ತಾಶ್ರಯದಲ್ಲಿ ಡಿ.09 ರಂದು ಬೆಳಗ್ಗೆ 11 ಗಂಟೆಗೆ ನಗರದ ಸರ್ಕಾರಿ ಬಾಲಕಿಯರ ಪ್ರೌಢಶಾಲೆಯಲ್ಲಿ ರಾಷ್ಟ್ರೀಯ ಜಂತುಹುಳು ನಿವಾರಣಾ ಕಾರ್ಯಕ್ರಮ ಏರ್ಪಡಿಸಲಾಗಿದೆ. ಜಿಲ್ಲಾ ಕಾನೂನು ಸೇವೆಗಳ ಪ್ರಾಧಿಕಾರದ ಸದಸ್ಯ ಕಾರ್ಯದರ್ಶಿ ಹಾಗೂ ಹಿರಿಯ ಸಿವಿಲ್ ನ್ಯಾಯಾಧೀಶರಾದ ರಾಜೇಶ್ ಎನ್ ಹೊಸಮನೆ ಅವರು ಕಾರ್ಯಕ್ರಮ ಉದ್ಘಾಟಿಸುವರು. ಜಿಲ್ಲಾ ಆರೋಗ್ಯ ಮತ್ತು ಕುಟುಂಬ ಕಲ್ಯಾಣ ಅಧಿಕಾರಿ ಡಾ.ಯಲ್ಲಾ ರಮೇಶ್ ಬಾಬು ಅವರು ಅಧ್ಯಕ್ಷತೆ ವಹಿಸುವರು. ಜಿಲ್ಲಾ ಆರ್‌ಸಿಹೆಚ್ ಅಧಿಕಾರಿ ಡಾ.ಹನುಮಂತಪ್ಪ, ಜಿಲ್ಲಾ ಸರ್ವೇಕ್ಷಣಾ ಅಧಿಕಾರಿ ಡಾ.ಮರಿಯಂಬಿ, ಜಿಲ್ಲಾ ಕುಟುಂಬ ಕಲ್ಯಾಣ ಕಾರ್ಯಕ್ರಮ ಅನುಷ್ಠಾನ ಅಧಿಕಾರಿ ಡಾ.ಪೂರ್ಣಿಮಾ ಕಟ್ಟಿಮನಿ, ಜಿಲ್ಲಾ ಕ್ಷಯರೋಗ ನಿರ್ಮೂಲನಾ ಅಧಿಕಾರಿ ಡಾ.ಇಂದ್ರಾಣಿ.ವಿ, ಜಿಲ್ಲಾ ಕುಷ್ಠರೋಗ ನಿರ್ಮೂಲನಾ ಅಧಿಕಾರಿ ಡಾ.ವೀರೇಂದ್ರ ಕುಮಾರ್ ಹಾಗೂ ಸರ್ಕಾರಿ ಬಾಲಕಿಯರ ಪ್ರೌಢ ಶಾಲೆಯ ಮುಖ್ಯಗುರುಗಳು, ಶಿಕ್ಷಕರು ಭಾಗವಹಿಸುವರು ಎಂದು ಪ್ರಕಟಣೆಯಲ್ಲಿ ತಿಳಿಸಿದ್ದಾರೆ.
ಡಿ.12 ರಂದು ಪಿಂಚಣಿ ಅದಾಲತ್
ಹೊಸಪೇಟೆ ಟೈಮ್ಸ್ ನ್ಯೂಸ್
ಬಳ್ಳಾರಿ: ಕಲಬುರ್ಗಿ ವಿಭಾಗ ಮಟ್ಟದ ಎಲ್ಲಾ ಜಿಲ್ಲೆಗಳನ್ನು ಒಳಗೊಂಡಂತೆ ಪಿಂಚಣಿದಾರರ ಕುಂದುಕೊರತೆ ಮತ್ತು ಅಹವಾಲುಗಳ ಸಂಬಂಧಿಸಿದಂತೆ ಬೆಂಗಳೂರಿನ ರಾಜ್ಯ ಪಿಂಚಣಿ ಪಾವತಿ ಮತ್ತು ನಿರ್ವಹಣೆ ಘಟಕದಿಂದ ಅಪರ ನಿರ್ದೇಶಕರು ಮಹಾಲೇಖಪಾಲರ ನೇತೃತ್ವದಲ್ಲಿ ಡಿ.12 ರಂದು ಪಿಂಚಣಿ ಅದಾಲತ್ ಏರ್ಪಡಿಸಲಾಗಿದೆ. ಜಿಲ್ಲೆಯಲ್ಲಿ ವಾಸಿಸುವ ನಿವೃತ್ತಿ ಅಥವಾ ಕುಟುಂಬ ಪಿಂಚಣಿದಾರರು ಹಾಗೂ ಕುಂದುಕೊರತೆ ಹೊಂದಿರುವ ಪಿಂಚಣಿದಾರರು ದೂರವಾಣಿ ಮೂಲಕ ಅಂದು ಬೆಳಿಗ್ಗೆ 11 ಗಂಟೆಗೆ ಜಿಲ್ಲಾಧಿಕಾರಿಗಳ ಕಚೇರಿಯ ವಿಡಿಯೋ ಕಾನ್ಫರೆನ್ಸ್ ಹಾಲ್‌ನಲ್ಲಿ ನಡೆಯುವ ಅದಾಲತ್‌ನಲ್ಲಿ ಭಾಗವಹಿಸಿ ತಮ್ಮ ಕುಂದುಕೊರತೆಗಳನ್ನು ಸಲ್ಲಿಸಬಹುದು ಎಂದು ಜಿಲ್ಲಾ ಖಜಾನೆ ಇಲಾಖೆಯ ಉಪ ನಿರ್ದೇಶಕರು ಪ್ರಕಟಣೆಯಲ್ಲಿ ತಿಳಿಸಿದ್ದಾರೆ.
